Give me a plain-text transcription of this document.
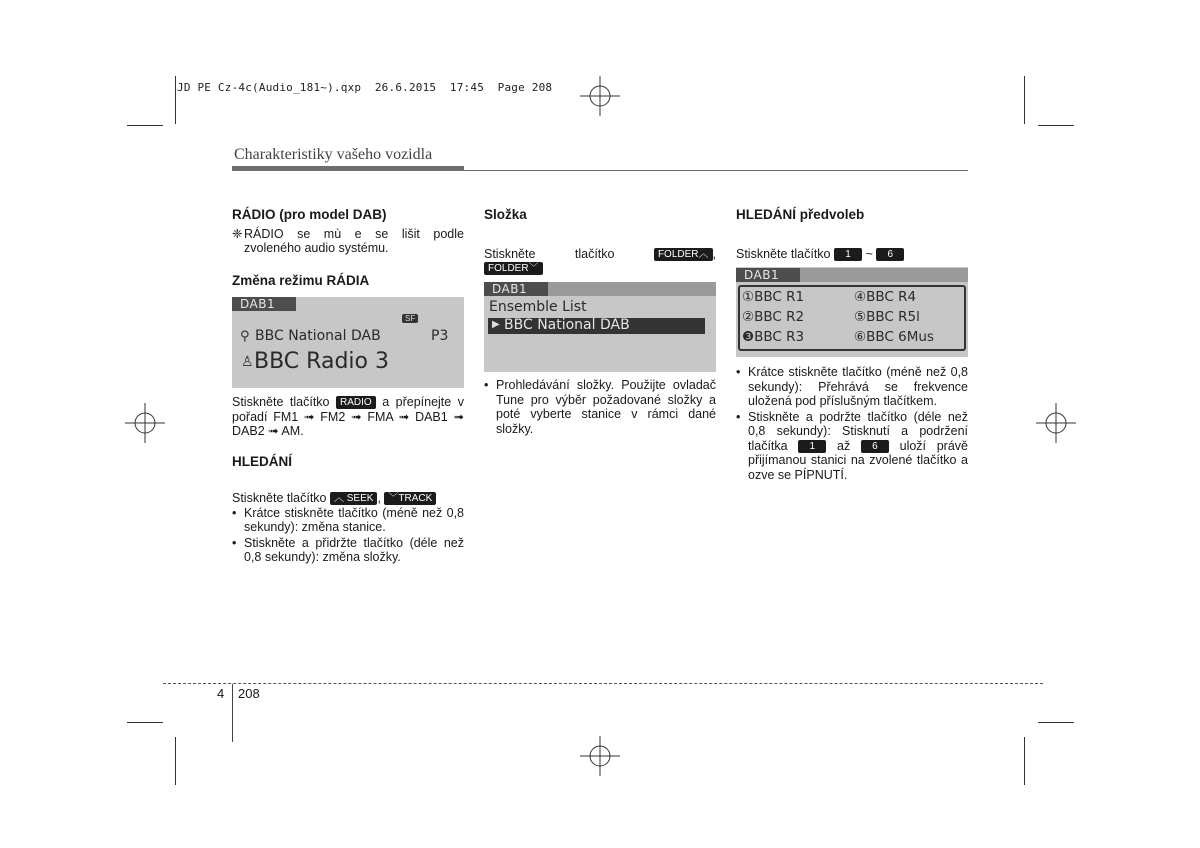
JD PE Cz-4c(Audio_181~).qxp  26.6.2015  17:45  Page 208
Charakteristiky vašeho vozidla
RÁDIO (pro model DAB)
❈ RÁDIO se mù e se lišit podle zvoleného audio systému.
Změna režimu RÁDIA
DAB1
SF
⚲ BBC National DAB	P3
♙ BBC Radio 3
Stiskněte tlačítko RADIO a přepínejte v pořadí FM1 ➟ FM2 ➟ FMA ➟ DAB1 ➟ DAB2 ➟ AM.
HLEDÁNÍ
Stiskněte tlačítko ︿ SEEK , ﹀TRACK
• Krátce stiskněte tlačítko (méně než 0,8 sekundy): změna stanice.
• Stiskněte a přidržte tlačítko (déle než 0,8 sekundy): změna složky.
Složka
Stiskněte	tlačítko	FOLDER︿ ,
FOLDER﹀
DAB1
Ensemble List
▶ BBC National DAB
• Prohledávání složky. Použijte ovladač Tune pro výběr požadované složky a poté vyberte stanice v rámci dané složky.
HLEDÁNÍ předvoleb
Stiskněte tlačítko 1 ~ 6
DAB1
①BBC R1	④BBC R4
②BBC R2	⑤BBC R5l
❸BBC R3	⑥BBC 6Mus
• Krátce stiskněte tlačítko (méně než 0,8 sekundy): Přehrává se frekvence uložená pod příslušným tlačítkem.
• Stiskněte a podržte tlačítko (déle než 0,8 sekundy): Stisknutí a podržení tlačítka 1 až 6 uloží právě přijímanou stanici na zvolené tlačítko a ozve se PÍPNUTÍ.
4 208
